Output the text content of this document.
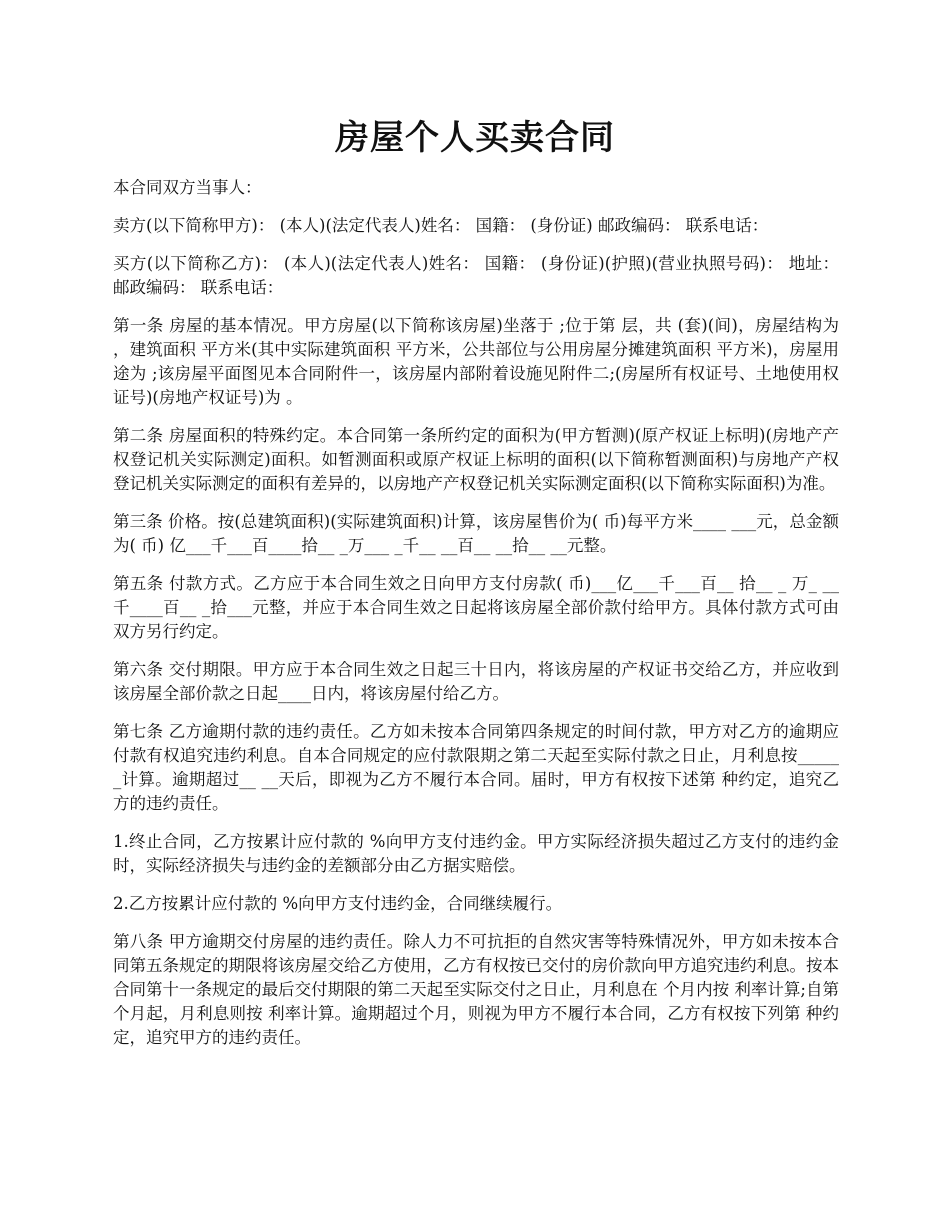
房屋个人买卖合同

本合同双方当事人：

卖方(以下简称甲方)： (本人)(法定代表人)姓名： 国籍： (身份证) 邮政编码： 联系电话：

买方(以下简称乙方)： (本人)(法定代表人)姓名： 国籍： (身份证)(护照)(营业执照号码)： 地址： 邮政编码： 联系电话：

第一条 房屋的基本情况。甲方房屋(以下简称该房屋)坐落于 ;位于第 层，共 (套)(间)，房屋结构为 ，建筑面积 平方米(其中实际建筑面积 平方米，公共部位与公用房屋分摊建筑面积 平方米)，房屋用途为 ;该房屋平面图见本合同附件一，该房屋内部附着设施见附件二;(房屋所有权证号、土地使用权证号)(房地产权证号)为 。

第二条 房屋面积的特殊约定。本合同第一条所约定的面积为(甲方暂测)(原产权证上标明)(房地产产权登记机关实际测定)面积。如暂测面积或原产权证上标明的面积(以下简称暂测面积)与房地产产权登记机关实际测定的面积有差异的，以房地产产权登记机关实际测定面积(以下简称实际面积)为准。

第三条 价格。按(总建筑面积)(实际建筑面积)计算，该房屋售价为( 币)每平方米____ ___元，总金额为( 币) 亿___千___百____拾__ _万___ _千__ __百__ __拾__ __元整。

第五条 付款方式。乙方应于本合同生效之日向甲方支付房款( 币)___亿___千___百__ 拾__ _ 万_ __千____百__ _拾___元整，并应于本合同生效之日起将该房屋全部价款付给甲方。具体付款方式可由双方另行约定。

第六条 交付期限。甲方应于本合同生效之日起三十日内，将该房屋的产权证书交给乙方，并应收到该房屋全部价款之日起____日内，将该房屋付给乙方。

第七条 乙方逾期付款的违约责任。乙方如未按本合同第四条规定的时间付款，甲方对乙方的逾期应付款有权追究违约利息。自本合同规定的应付款限期之第二天起至实际付款之日止，月利息按_____ _计算。逾期超过__ __天后，即视为乙方不履行本合同。届时，甲方有权按下述第 种约定，追究乙方的违约责任。

1.终止合同，乙方按累计应付款的 %向甲方支付违约金。甲方实际经济损失超过乙方支付的违约金时，实际经济损失与违约金的差额部分由乙方据实赔偿。

2.乙方按累计应付款的 %向甲方支付违约金，合同继续履行。

第八条 甲方逾期交付房屋的违约责任。除人力不可抗拒的自然灾害等特殊情况外，甲方如未按本合同第五条规定的期限将该房屋交给乙方使用，乙方有权按已交付的房价款向甲方追究违约利息。按本合同第十一条规定的最后交付期限的第二天起至实际交付之日止，月利息在 个月内按 利率计算;自第 个月起，月利息则按 利率计算。逾期超过个月，则视为甲方不履行本合同，乙方有权按下列第 种约定，追究甲方的违约责任。
